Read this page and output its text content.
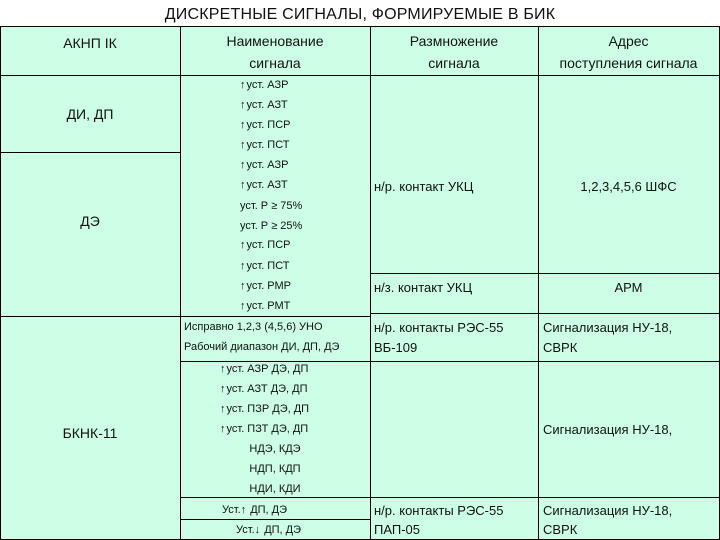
ДИСКРЕТНЫЕ СИГНАЛЫ, ФОРМИРУЕМЫЕ В БИК
АКНП IК	Наименование
сигнала
Размножение
сигнала
Адрес
поступления сигнала
ДИ, ДП
ДЭ
БКНК-11
↑уст. АЗР
↑уст. АЗТ
↑уст. ПСР
↑уст. ПСТ
↑уст. АЗР
↑уст. АЗТ
уст. Р ≥ 75%
уст. Р ≥ 25%
↑уст. ПСР
↑уст. ПСТ
↑уст. РМР
↑уст. РМТ
Исправно 1,2,3 (4,5,6) УНО
Рабочий диапазон ДИ, ДП, ДЭ
↑уст. АЗР ДЭ, ДП
↑уст. АЗТ ДЭ, ДП
↑уст. ПЗР ДЭ, ДП
↑уст. ПЗТ ДЭ, ДП
НДЭ, КДЭ
НДП, КДП
НДИ, КДИ
Уст.↑ ДП, ДЭ
Уст.↓ ДП, ДЭ
н/р. контакт УКЦ
н/з. контакт УКЦ
н/р. контакты РЭС-55
ВБ-109
н/р. контакты РЭС-55
ПАП-05
1,2,3,4,5,6 ШФС
АРМ
Сигнализация НУ-18,
СВРК
Сигнализация НУ-18,
Сигнализация НУ-18,
СВРК
